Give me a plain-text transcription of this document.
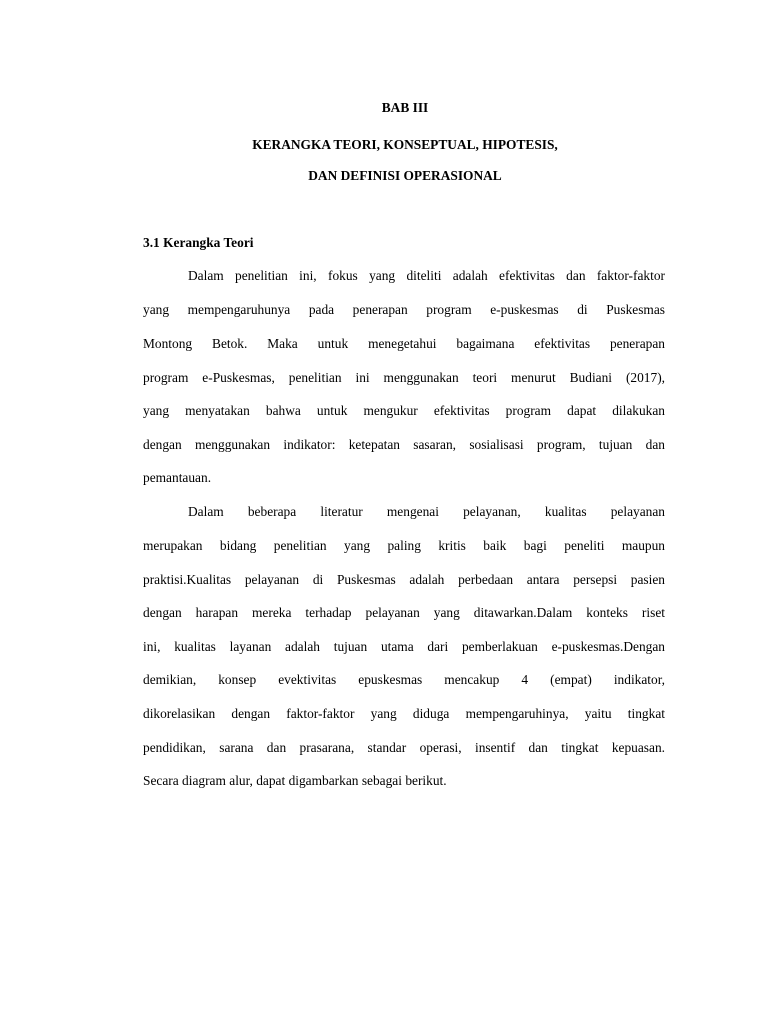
BAB III
KERANGKA TEORI, KONSEPTUAL, HIPOTESIS,
DAN DEFINISI OPERASIONAL
3.1 Kerangka Teori
Dalam penelitian ini, fokus yang diteliti adalah efektivitas dan faktor-faktor
yang mempengaruhunya pada penerapan program e-puskesmas di Puskesmas
Montong Betok. Maka untuk menegetahui bagaimana efektivitas penerapan
program e-Puskesmas, penelitian ini menggunakan teori menurut Budiani (2017),
yang menyatakan bahwa untuk mengukur efektivitas program dapat dilakukan
dengan menggunakan indikator: ketepatan sasaran, sosialisasi program, tujuan dan
pemantauan.
Dalam beberapa literatur mengenai pelayanan, kualitas pelayanan
merupakan bidang penelitian yang paling kritis baik bagi peneliti maupun
praktisi.Kualitas pelayanan di Puskesmas adalah perbedaan antara persepsi pasien
dengan harapan mereka terhadap pelayanan yang ditawarkan.Dalam konteks riset
ini, kualitas layanan adalah tujuan utama dari pemberlakuan e-puskesmas.Dengan
demikian, konsep evektivitas epuskesmas mencakup 4 (empat) indikator,
dikorelasikan dengan faktor-faktor yang diduga mempengaruhinya, yaitu tingkat
pendidikan, sarana dan prasarana, standar operasi, insentif dan tingkat kepuasan.
Secara diagram alur, dapat digambarkan sebagai berikut.
